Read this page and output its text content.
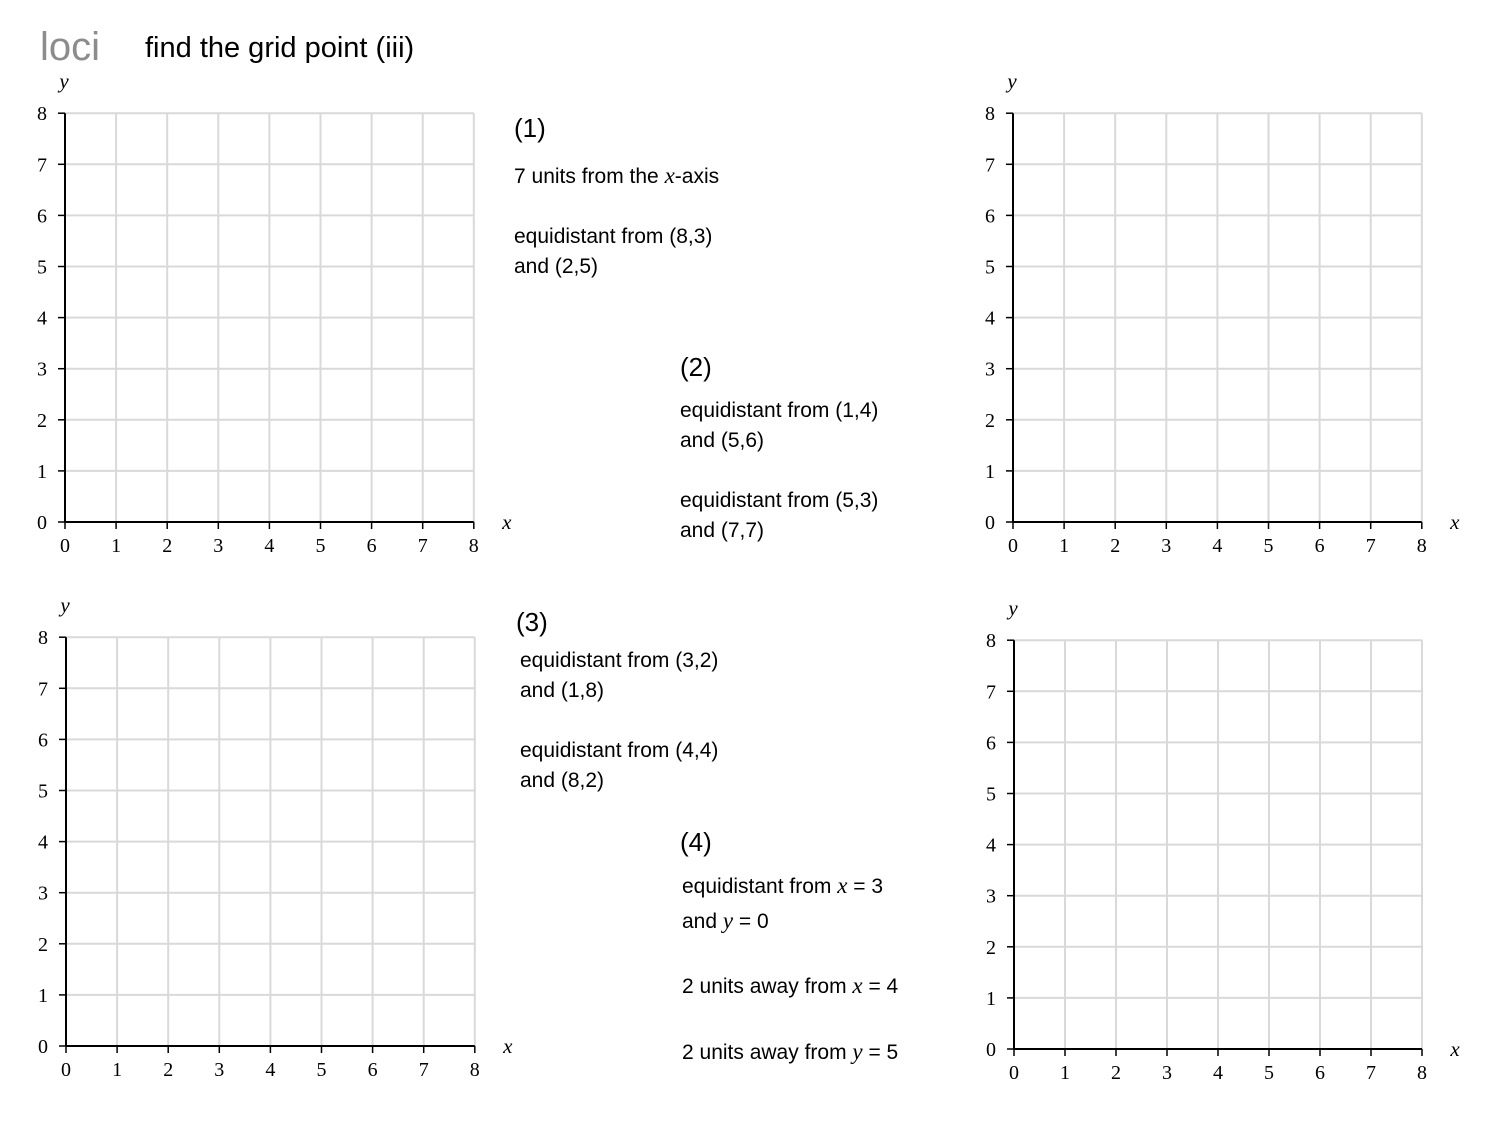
loci find the grid point (iii)
0 1 2 3 4 5 6 7 8
0
1
2
3
4
5
6
7
8
x
y
0 1 2 3 4 5 6 7 8
0
1
2
3
4
5
6
7
8
x
y
0 1 2 3 4 5 6 7 8
0
1
2
3
4
5
6
7
8
x
y
0 1 2 3 4 5 6 7 8
0
1
2
3
4
5
6
7
8
x
y
(1)
7 units from the x-axis
equidistant from (8,3)
and (2,5)
(2)
equidistant from (1,4)
and (5,6)
equidistant from (5,3)
and (7,7)
(3)
equidistant from (3,2)
and (1,8)
equidistant from (4,4)
and (8,2)
(4)
equidistant from x = 3
and y = 0
2 units away from x = 4
2 units away from y = 5
